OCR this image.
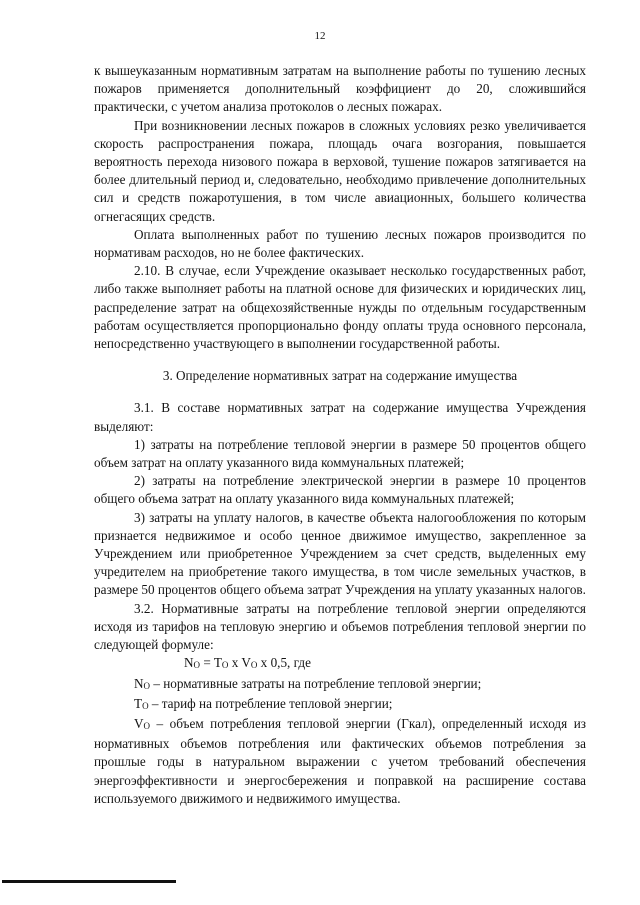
12

к вышеуказанным нормативным затратам на выполнение работы по тушению лесных пожаров применяется дополнительный коэффициент до 20, сложившийся практически, с учетом анализа протоколов о лесных пожарах.

При возникновении лесных пожаров в сложных условиях резко увеличивается скорость распространения пожара, площадь очага возгорания, повышается вероятность перехода низового пожара в верховой, тушение пожаров затягивается на более длительный период и, следовательно, необходимо привлечение дополнительных сил и средств пожаротушения, в том числе авиационных, большего количества огнегасящих средств.

Оплата выполненных работ по тушению лесных пожаров производится по нормативам расходов, но не более фактических.

2.10. В случае, если Учреждение оказывает несколько государственных работ, либо также выполняет работы на платной основе для физических и юридических лиц, распределение затрат на общехозяйственные нужды по отдельным государственным работам осуществляется пропорционально фонду оплаты труда основного персонала, непосредственно участвующего в выполнении государственной работы.

3. Определение нормативных затрат на содержание имущества

3.1. В составе нормативных затрат на содержание имущества Учреждения выделяют:

1) затраты на потребление тепловой энергии в размере 50 процентов общего объем затрат на оплату указанного вида коммунальных платежей;

2) затраты на потребление электрической энергии в размере 10 процентов общего объема затрат на оплату указанного вида коммунальных платежей;

3) затраты на уплату налогов, в качестве объекта налогообложения по которым признается недвижимое и особо ценное движимое имущество, закрепленное за Учреждением или приобретенное Учреждением за счет средств, выделенных ему учредителем на приобретение такого имущества, в том числе земельных участков, в размере 50 процентов общего объема затрат Учреждения на уплату указанных налогов.

3.2. Нормативные затраты на потребление тепловой энергии определяются исходя из тарифов на тепловую энергию и объемов потребления тепловой энергии по следующей формуле:

NO = TO x VO x 0,5, где

NO – нормативные затраты на потребление тепловой энергии;

TO – тариф на потребление тепловой энергии;

VO – объем потребления тепловой энергии (Гкал), определенный исходя из нормативных объемов потребления или фактических объемов потребления за прошлые годы в натуральном выражении с учетом требований обеспечения энергоэффективности и энергосбережения и поправкой на расширение состава используемого движимого и недвижимого имущества.
